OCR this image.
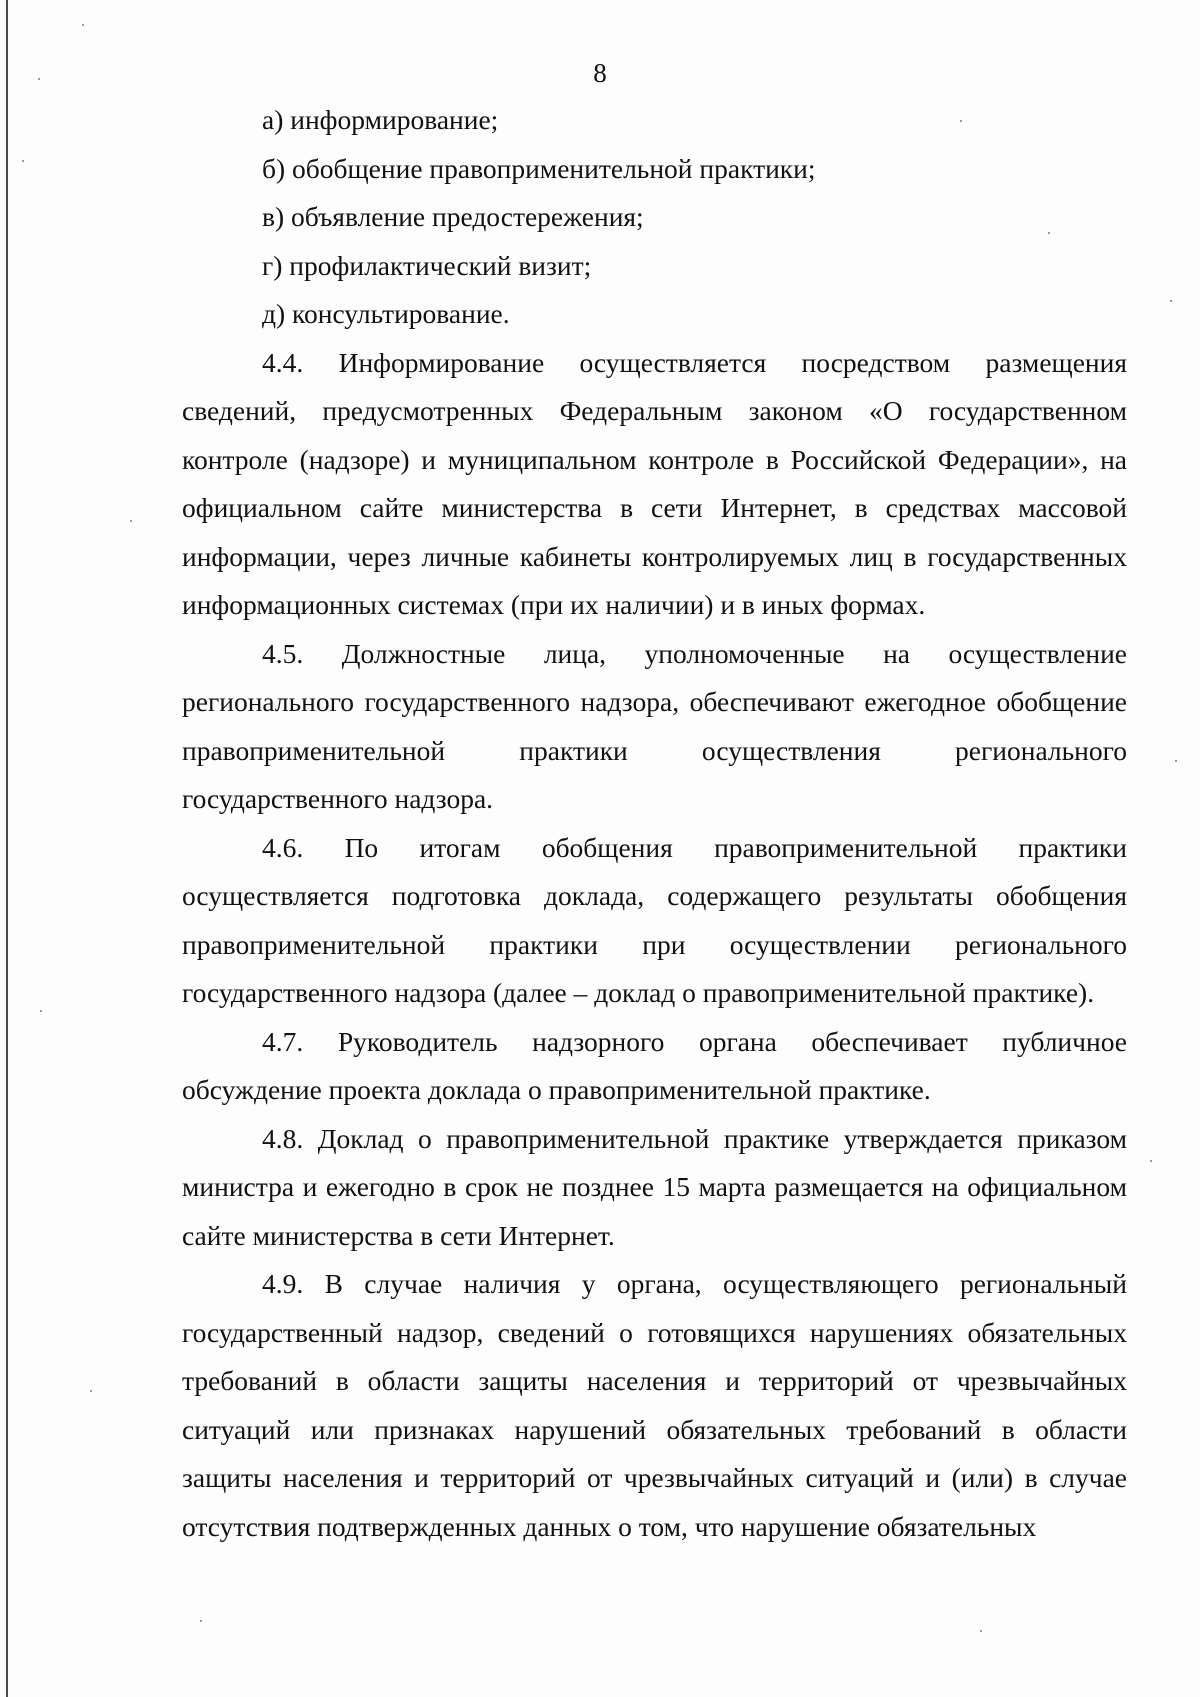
8

а) информирование;

б) обобщение правоприменительной практики;

в) объявление предостережения;

г) профилактический визит;

д) консультирование.

4.4. Информирование осуществляется посредством размещения сведений, предусмотренных Федеральным законом «О государственном контроле (надзоре) и муниципальном контроле в Российской Федерации», на официальном сайте министерства в сети Интернет, в средствах массовой информации, через личные кабинеты контролируемых лиц в государственных информационных системах (при их наличии) и в иных формах.

4.5. Должностные лица, уполномоченные на осуществление регионального государственного надзора, обеспечивают ежегодное обобщение правоприменительной практики осуществления регионального государственного надзора.

4.6. По итогам обобщения правоприменительной практики осуществляется подготовка доклада, содержащего результаты обобщения правоприменительной практики при осуществлении регионального государственного надзора (далее – доклад о правоприменительной практике).

4.7. Руководитель надзорного органа обеспечивает публичное обсуждение проекта доклада о правоприменительной практике.

4.8. Доклад о правоприменительной практике утверждается приказом министра и ежегодно в срок не позднее 15 марта размещается на официальном сайте министерства в сети Интернет.

4.9. В случае наличия у органа, осуществляющего региональный государственный надзор, сведений о готовящихся нарушениях обязательных требований в области защиты населения и территорий от чрезвычайных ситуаций или признаках нарушений обязательных требований в области защиты населения и территорий от чрезвычайных ситуаций и (или) в случае отсутствия подтвержденных данных о том, что нарушение обязательных
